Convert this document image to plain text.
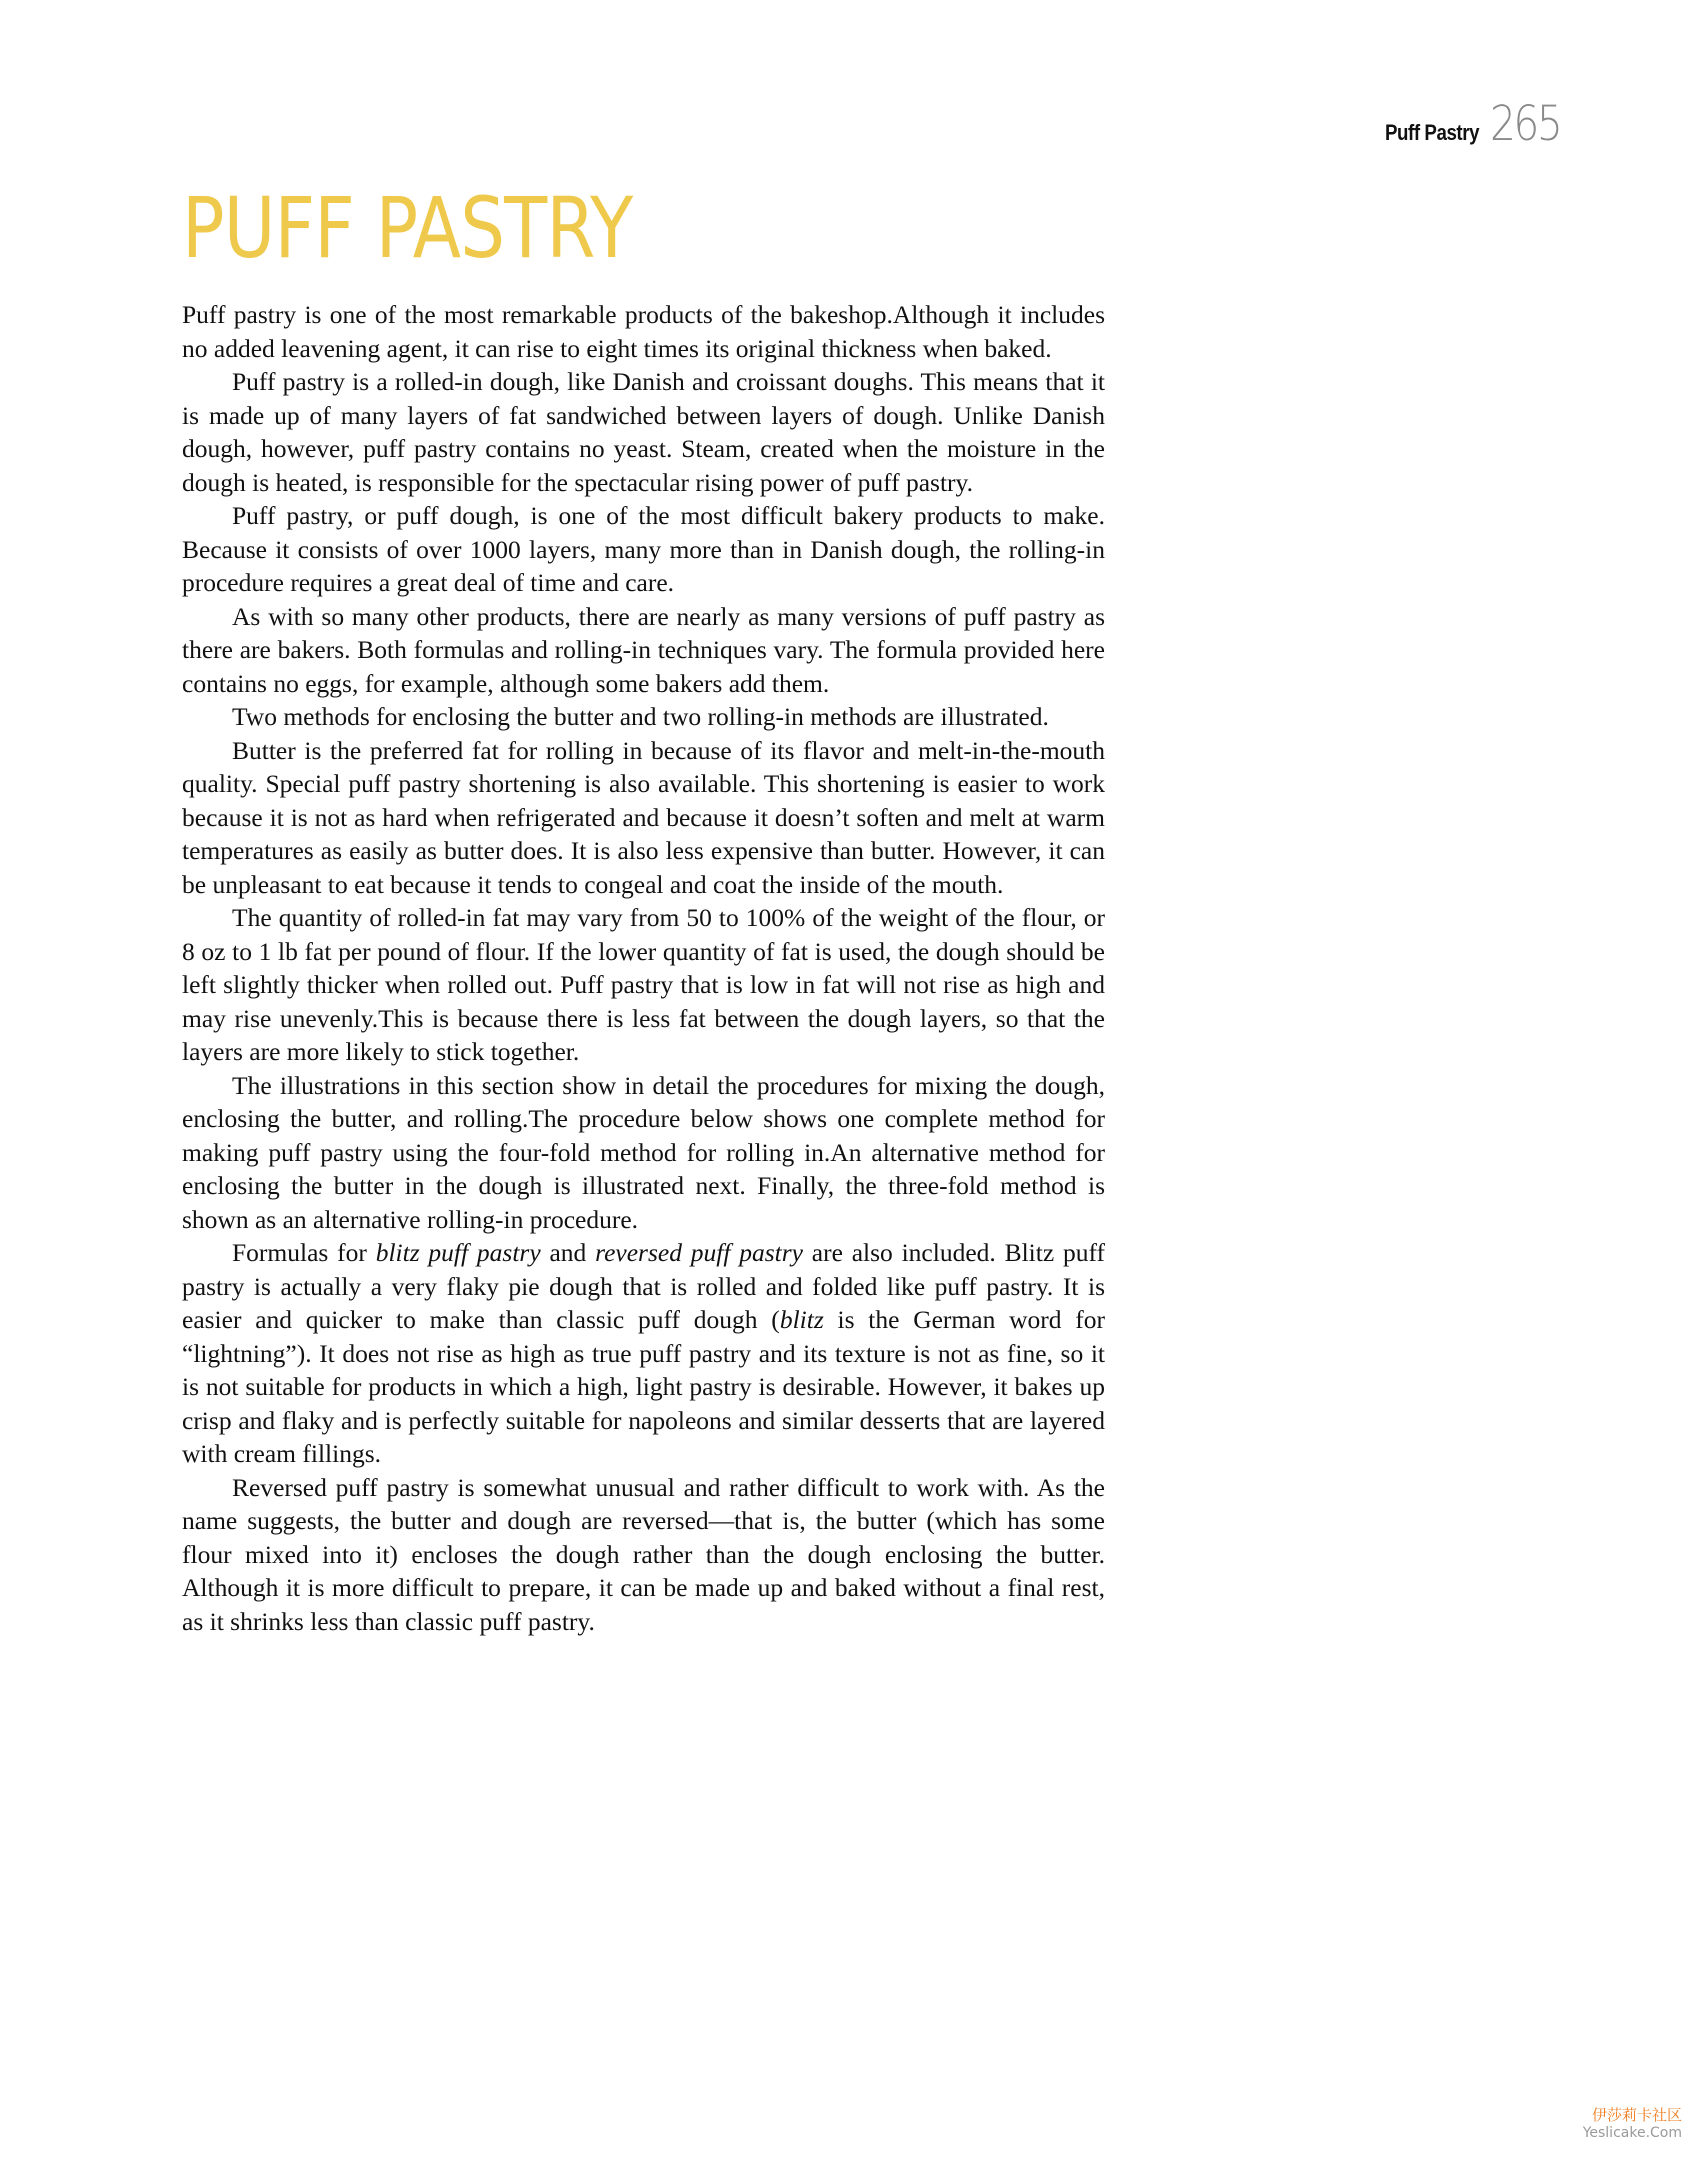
Puff Pastry 265
PUFF PASTRY

Puff pastry is one of the most remarkable products of the bakeshop.Although it includes no added leavening agent, it can rise to eight times its original thickness when baked.

Puff pastry is a rolled-in dough, like Danish and croissant doughs. This means that it is made up of many layers of fat sandwiched between layers of dough. Unlike Danish dough, however, puff pastry contains no yeast. Steam, created when the moisture in the dough is heated, is responsible for the spectacular rising power of puff pastry.

Puff pastry, or puff dough, is one of the most difficult bakery products to make. Because it consists of over 1000 layers, many more than in Danish dough, the rolling-in procedure requires a great deal of time and care.

As with so many other products, there are nearly as many versions of puff pastry as there are bakers. Both formulas and rolling-in techniques vary. The formula provided here contains no eggs, for example, although some bakers add them.

Two methods for enclosing the butter and two rolling-in methods are illustrated.

Butter is the preferred fat for rolling in because of its flavor and melt-in-the-mouth quality. Special puff pastry shortening is also available. This shortening is easier to work because it is not as hard when refrigerated and because it doesn’t soften and melt at warm temperatures as easily as butter does. It is also less expensive than butter. However, it can be unpleasant to eat because it tends to congeal and coat the inside of the mouth.

The quantity of rolled-in fat may vary from 50 to 100% of the weight of the flour, or 8 oz to 1 lb fat per pound of flour. If the lower quantity of fat is used, the dough should be left slightly thicker when rolled out. Puff pastry that is low in fat will not rise as high and may rise unevenly.This is because there is less fat between the dough layers, so that the layers are more likely to stick together.

The illustrations in this section show in detail the procedures for mixing the dough, enclosing the butter, and rolling.The procedure below shows one complete method for making puff pastry using the four-fold method for rolling in.An alternative method for enclosing the butter in the dough is illustrated next. Finally, the three-fold method is shown as an alternative rolling-in procedure.

Formulas for blitz puff pastry and reversed puff pastry are also included. Blitz puff pastry is actually a very flaky pie dough that is rolled and folded like puff pastry. It is easier and quicker to make than classic puff dough (blitz is the German word for “lightning”). It does not rise as high as true puff pastry and its texture is not as fine, so it is not suitable for products in which a high, light pastry is desirable. However, it bakes up crisp and flaky and is perfectly suitable for napoleons and similar desserts that are layered with cream fillings.

Reversed puff pastry is somewhat unusual and rather difficult to work with. As the name suggests, the butter and dough are reversed—that is, the butter (which has some flour mixed into it) encloses the dough rather than the dough enclosing the butter. Although it is more difficult to prepare, it can be made up and baked without a final rest, as it shrinks less than classic puff pastry.

伊莎莉卡社区
Yeslicake.Com
